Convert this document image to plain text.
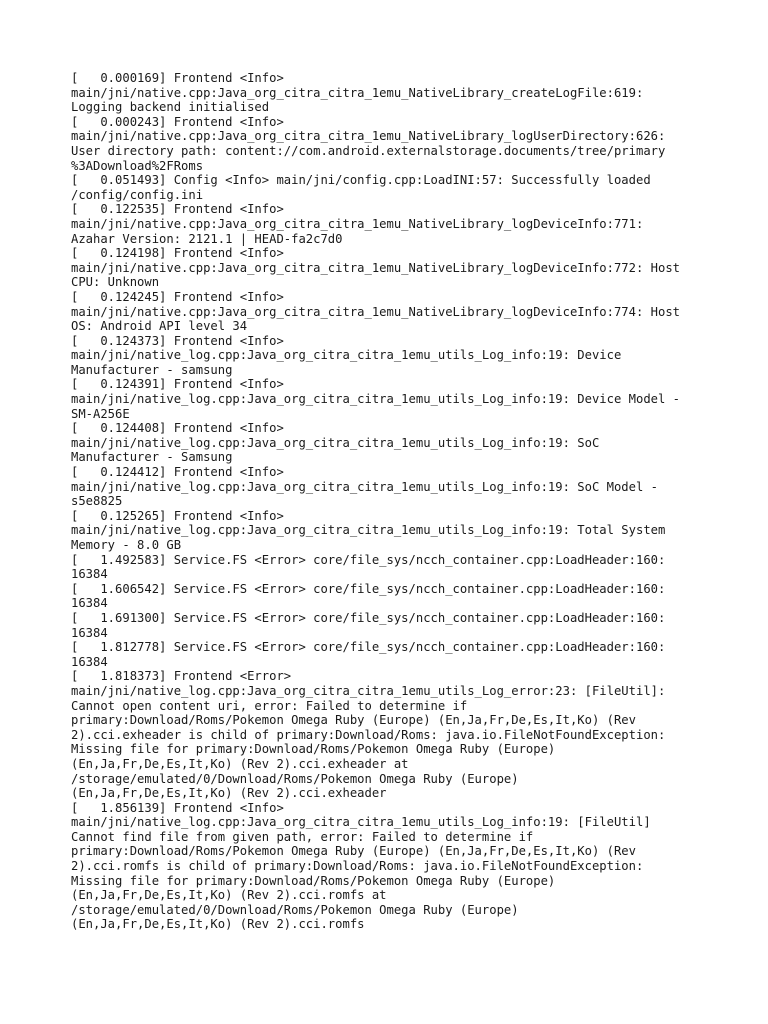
[   0.000169] Frontend <Info>
main/jni/native.cpp:Java_org_citra_citra_1emu_NativeLibrary_createLogFile:619:
Logging backend initialised
[   0.000243] Frontend <Info>
main/jni/native.cpp:Java_org_citra_citra_1emu_NativeLibrary_logUserDirectory:626:
User directory path: content://com.android.externalstorage.documents/tree/primary
%3ADownload%2FRoms
[   0.051493] Config <Info> main/jni/config.cpp:LoadINI:57: Successfully loaded
/config/config.ini
[   0.122535] Frontend <Info>
main/jni/native.cpp:Java_org_citra_citra_1emu_NativeLibrary_logDeviceInfo:771:
Azahar Version: 2121.1 | HEAD-fa2c7d0
[   0.124198] Frontend <Info>
main/jni/native.cpp:Java_org_citra_citra_1emu_NativeLibrary_logDeviceInfo:772: Host
CPU: Unknown
[   0.124245] Frontend <Info>
main/jni/native.cpp:Java_org_citra_citra_1emu_NativeLibrary_logDeviceInfo:774: Host
OS: Android API level 34
[   0.124373] Frontend <Info>
main/jni/native_log.cpp:Java_org_citra_citra_1emu_utils_Log_info:19: Device
Manufacturer - samsung
[   0.124391] Frontend <Info>
main/jni/native_log.cpp:Java_org_citra_citra_1emu_utils_Log_info:19: Device Model -
SM-A256E
[   0.124408] Frontend <Info>
main/jni/native_log.cpp:Java_org_citra_citra_1emu_utils_Log_info:19: SoC
Manufacturer - Samsung
[   0.124412] Frontend <Info>
main/jni/native_log.cpp:Java_org_citra_citra_1emu_utils_Log_info:19: SoC Model -
s5e8825
[   0.125265] Frontend <Info>
main/jni/native_log.cpp:Java_org_citra_citra_1emu_utils_Log_info:19: Total System
Memory - 8.0 GB
[   1.492583] Service.FS <Error> core/file_sys/ncch_container.cpp:LoadHeader:160:
16384
[   1.606542] Service.FS <Error> core/file_sys/ncch_container.cpp:LoadHeader:160:
16384
[   1.691300] Service.FS <Error> core/file_sys/ncch_container.cpp:LoadHeader:160:
16384
[   1.812778] Service.FS <Error> core/file_sys/ncch_container.cpp:LoadHeader:160:
16384
[   1.818373] Frontend <Error>
main/jni/native_log.cpp:Java_org_citra_citra_1emu_utils_Log_error:23: [FileUtil]:
Cannot open content uri, error: Failed to determine if
primary:Download/Roms/Pokemon Omega Ruby (Europe) (En,Ja,Fr,De,Es,It,Ko) (Rev
2).cci.exheader is child of primary:Download/Roms: java.io.FileNotFoundException:
Missing file for primary:Download/Roms/Pokemon Omega Ruby (Europe)
(En,Ja,Fr,De,Es,It,Ko) (Rev 2).cci.exheader at
/storage/emulated/0/Download/Roms/Pokemon Omega Ruby (Europe)
(En,Ja,Fr,De,Es,It,Ko) (Rev 2).cci.exheader
[   1.856139] Frontend <Info>
main/jni/native_log.cpp:Java_org_citra_citra_1emu_utils_Log_info:19: [FileUtil]
Cannot find file from given path, error: Failed to determine if
primary:Download/Roms/Pokemon Omega Ruby (Europe) (En,Ja,Fr,De,Es,It,Ko) (Rev
2).cci.romfs is child of primary:Download/Roms: java.io.FileNotFoundException:
Missing file for primary:Download/Roms/Pokemon Omega Ruby (Europe)
(En,Ja,Fr,De,Es,It,Ko) (Rev 2).cci.romfs at
/storage/emulated/0/Download/Roms/Pokemon Omega Ruby (Europe)
(En,Ja,Fr,De,Es,It,Ko) (Rev 2).cci.romfs
